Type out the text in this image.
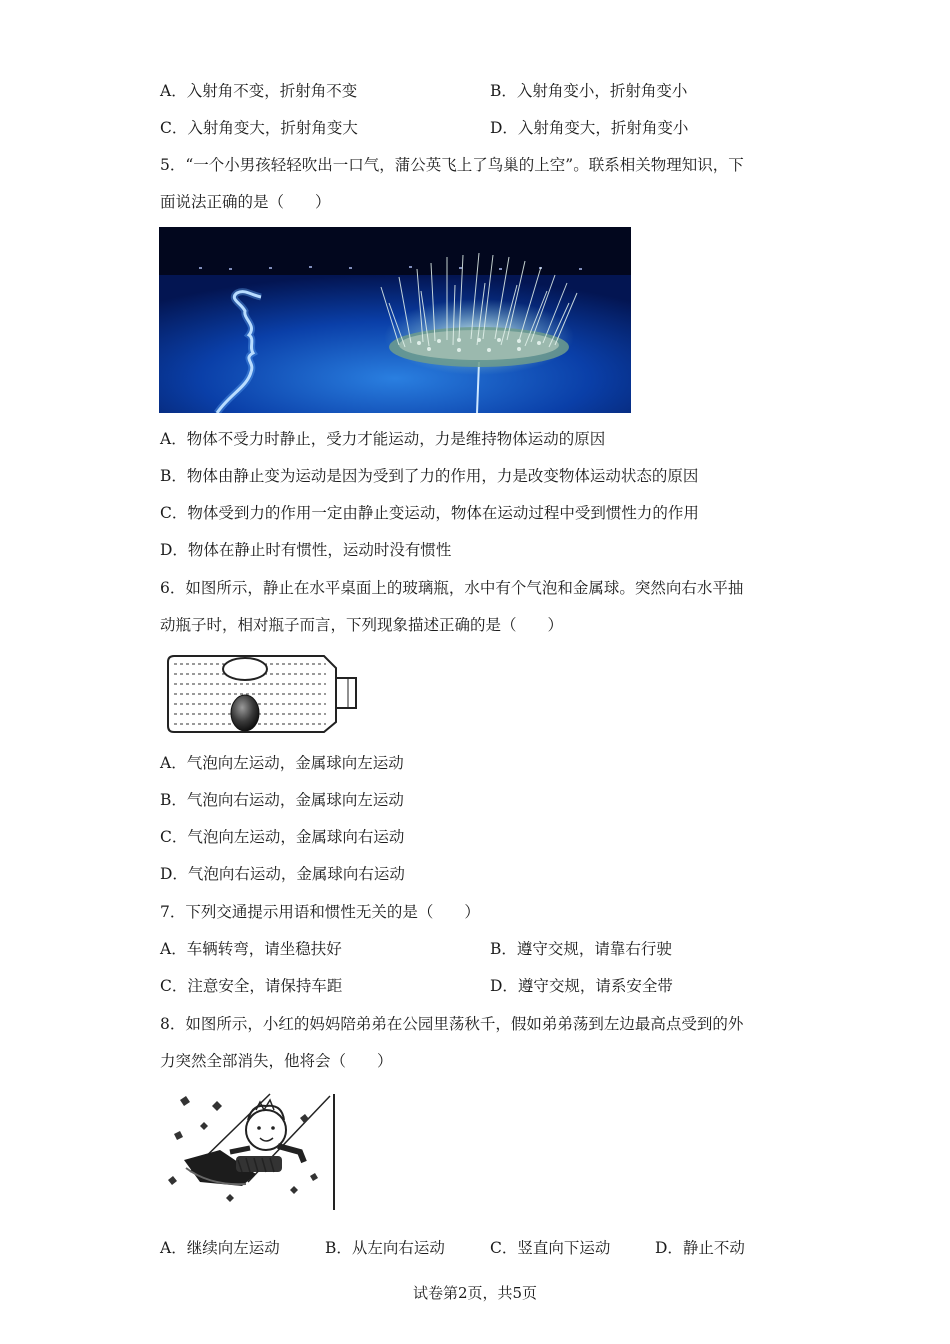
A．入射角不变，折射角不变	B．入射角变小，折射角变小
C．入射角变大，折射角变大	D．入射角变大，折射角变小
5．“一个小男孩轻轻吹出一口气，蒲公英飞上了鸟巢的上空”。联系相关物理知识，下
面说法正确的是（　　）
A．物体不受力时静止，受力才能运动，力是维持物体运动的原因
B．物体由静止变为运动是因为受到了力的作用，力是改变物体运动状态的原因
C．物体受到力的作用一定由静止变运动，物体在运动过程中受到惯性力的作用
D．物体在静止时有惯性，运动时没有惯性
6．如图所示，静止在水平桌面上的玻璃瓶，水中有个气泡和金属球。突然向右水平抽
动瓶子时，相对瓶子而言，下列现象描述正确的是（　　）
A．气泡向左运动，金属球向左运动
B．气泡向右运动，金属球向左运动
C．气泡向左运动，金属球向右运动
D．气泡向右运动，金属球向右运动
7．下列交通提示用语和惯性无关的是（　　）
A．车辆转弯，请坐稳扶好	B．遵守交规，请靠右行驶
C．注意安全，请保持车距	D．遵守交规，请系安全带
8．如图所示，小红的妈妈陪弟弟在公园里荡秋千，假如弟弟荡到左边最高点受到的外
力突然全部消失，他将会（　　）
A．继续向左运动	B．从左向右运动	C．竖直向下运动	D．静止不动
试卷第2页，共5页
